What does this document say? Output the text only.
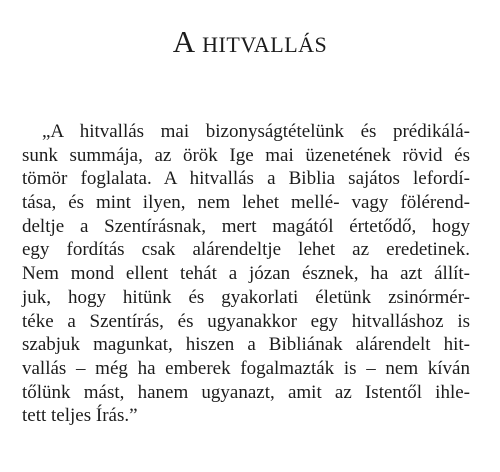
A hitvallás

„A hitvallás mai bizonyságtételünk és prédikálá-
sunk summája, az örök Ige mai üzenetének rövid és
tömör foglalata. A hitvallás a Biblia sajátos lefordí-
tása, és mint ilyen, nem lehet mellé- vagy fölérend-
deltje a Szentírásnak, mert magától értetődő, hogy
egy fordítás csak alárendeltje lehet az eredetinek.
Nem mond ellent tehát a józan észnek, ha azt állít-
juk, hogy hitünk és gyakorlati életünk zsinórmér-
téke a Szentírás, és ugyanakkor egy hitvalláshoz is
szabjuk magunkat, hiszen a Bibliának alárendelt hit-
vallás – még ha emberek fogalmazták is – nem kíván
tőlünk mást, hanem ugyanazt, amit az Istentől ihle-
tett teljes Írás.”
